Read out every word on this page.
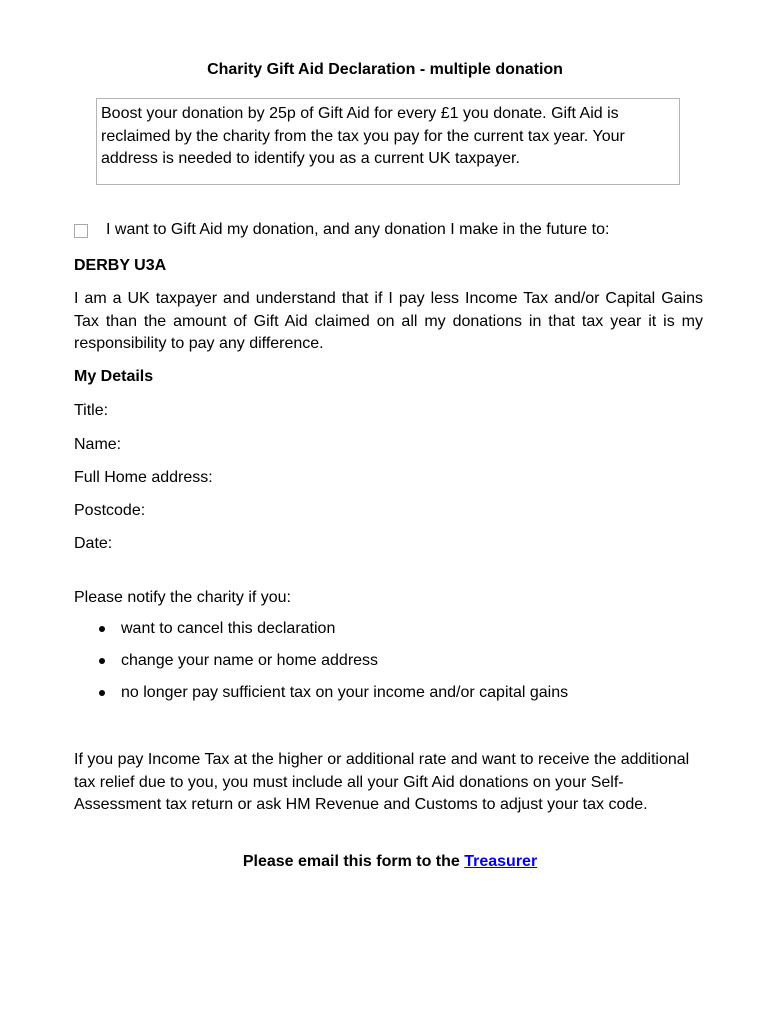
Charity Gift Aid Declaration - multiple donation

Boost your donation by 25p of Gift Aid for every £1 you donate. Gift Aid is reclaimed by the charity from the tax you pay for the current tax year. Your address is needed to identify you as a current UK taxpayer.

I want to Gift Aid my donation, and any donation I make in the future to:
DERBY U3A

I am a UK taxpayer and understand that if I pay less Income Tax and/or Capital Gains Tax than the amount of Gift Aid claimed on all my donations in that tax year it is my responsibility to pay any difference.

My Details
Title:
Name:
Full Home address:
Postcode:
Date:
Please notify the charity if you:
want to cancel this declaration
change your name or home address
no longer pay sufficient tax on your income and/or capital gains

If you pay Income Tax at the higher or additional rate and want to receive the additional tax relief due to you, you must include all your Gift Aid donations on your Self-Assessment tax return or ask HM Revenue and Customs to adjust your tax code.

Please email this form to the Treasurer
